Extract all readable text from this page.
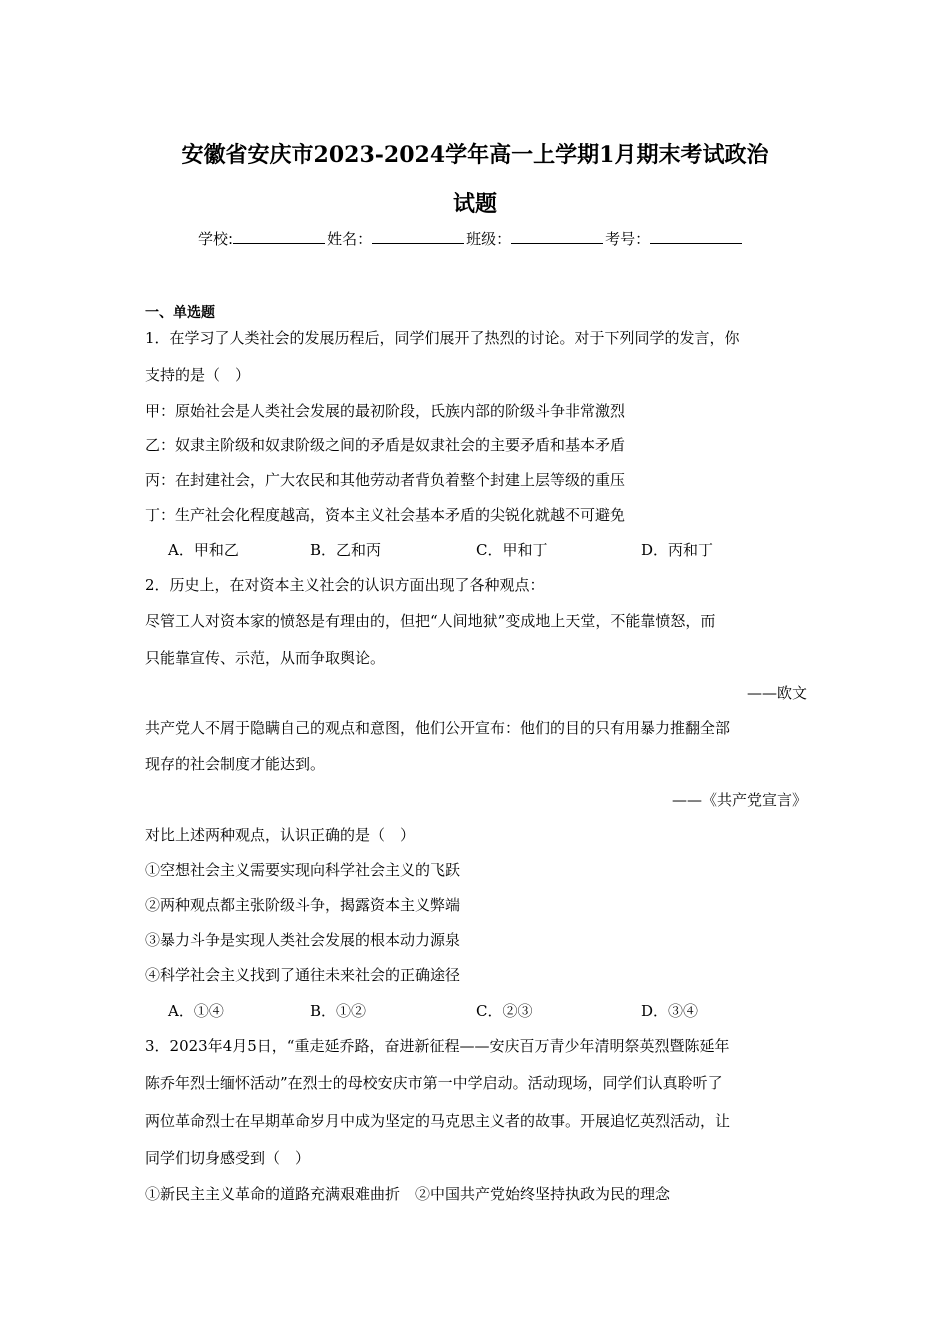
安徽省安庆市2023-2024学年高一上学期1月期末考试政治
试题
学校:	姓名：	班级：	考号：
一、单选题
1．在学习了人类社会的发展历程后，同学们展开了热烈的讨论。对于下列同学的发言，你
支持的是（　）
甲：原始社会是人类社会发展的最初阶段，氏族内部的阶级斗争非常激烈
乙：奴隶主阶级和奴隶阶级之间的矛盾是奴隶社会的主要矛盾和基本矛盾
丙：在封建社会，广大农民和其他劳动者背负着整个封建上层等级的重压
丁：生产社会化程度越高，资本主义社会基本矛盾的尖锐化就越不可避免
A．甲和乙	B．乙和丙	C．甲和丁	D．丙和丁
2．历史上，在对资本主义社会的认识方面出现了各种观点：
尽管工人对资本家的愤怒是有理由的，但把“人间地狱”变成地上天堂，不能靠愤怒，而
只能靠宣传、示范，从而争取舆论。
——欧文
共产党人不屑于隐瞒自己的观点和意图，他们公开宣布：他们的目的只有用暴力推翻全部
现存的社会制度才能达到。
——《共产党宣言》
对比上述两种观点，认识正确的是（　）
①空想社会主义需要实现向科学社会主义的飞跃
②两种观点都主张阶级斗争，揭露资本主义弊端
③暴力斗争是实现人类社会发展的根本动力源泉
④科学社会主义找到了通往未来社会的正确途径
A．①④	B．①②	C．②③	D．③④
3．2023年4月5日，“重走延乔路，奋进新征程——安庆百万青少年清明祭英烈暨陈延年
陈乔年烈士缅怀活动”在烈士的母校安庆市第一中学启动。活动现场，同学们认真聆听了
两位革命烈士在早期革命岁月中成为坚定的马克思主义者的故事。开展追忆英烈活动，让
同学们切身感受到（　）
①新民主主义革命的道路充满艰难曲折　②中国共产党始终坚持执政为民的理念
